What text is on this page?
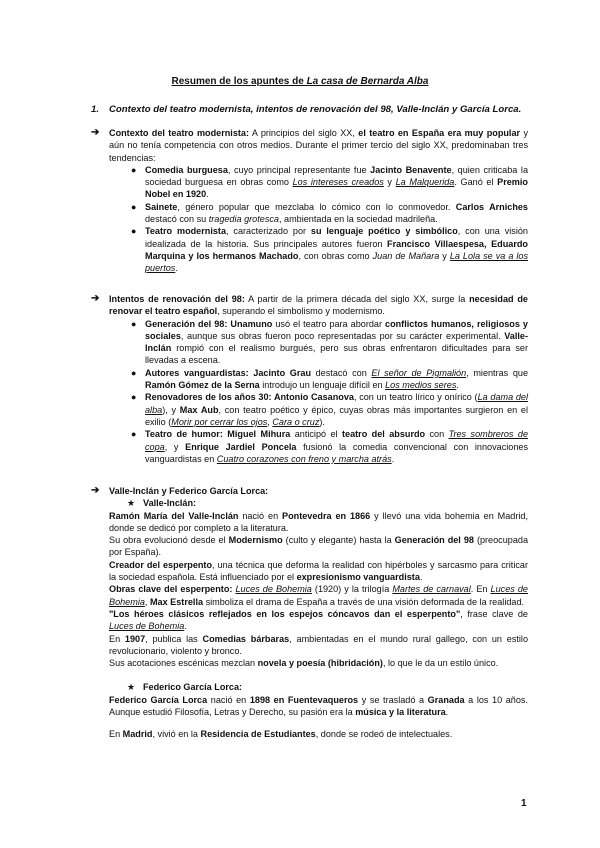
Resumen de los apuntes de La casa de Bernarda Alba
1. Contexto del teatro modernista, intentos de renovación del 98, Valle-Inclán y García Lorca.
➔ Contexto del teatro modernista: A principios del siglo XX, el teatro en España era muy popular y aún no tenía competencia con otros medios. Durante el primer tercio del siglo XX, predominaban tres tendencias:

● Comedia burguesa, cuyo principal representante fue Jacinto Benavente, quien criticaba la sociedad burguesa en obras como Los intereses creados y La Malquerida. Ganó el Premio Nobel en 1920.
● Sainete, género popular que mezclaba lo cómico con lo conmovedor. Carlos Arniches destacó con su tragedia grotesca, ambientada en la sociedad madrileña.
● Teatro modernista, caracterizado por su lenguaje poético y simbólico, con una visión idealizada de la historia. Sus principales autores fueron Francisco Villaespesa, Eduardo Marquina y los hermanos Machado, con obras como Juan de Mañara y La Lola se va a los puertos.
➔ Intentos de renovación del 98: A partir de la primera década del siglo XX, surge la necesidad de renovar el teatro español, superando el simbolismo y modernismo.

● Generación del 98: Unamuno usó el teatro para abordar conflictos humanos, religiosos y sociales, aunque sus obras fueron poco representadas por su carácter experimental. Valle-Inclán rompió con el realismo burgués, pero sus obras enfrentaron dificultades para ser llevadas a escena.
● Autores vanguardistas: Jacinto Grau destacó con El señor de Pigmalión, mientras que Ramón Gómez de la Serna introdujo un lenguaje difícil en Los medios seres.
● Renovadores de los años 30: Antonio Casanova, con un teatro lírico y onírico (La dama del alba), y Max Aub, con teatro poético y épico, cuyas obras más importantes surgieron en el exilio (Morir por cerrar los ojos, Cara o cruz).
● Teatro de humor: Miguel Mihura anticipó el teatro del absurdo con Tres sombreros de copa, y Enrique Jardiel Poncela fusionó la comedia convencional con innovaciones vanguardistas en Cuatro corazones con freno y marcha atrás.
➔ Valle-Inclán y Federico García Lorca:

★ Valle-Inclán:

Ramón María del Valle-Inclán nació en Pontevedra en 1866 y llevó una vida bohemia en Madrid, donde se dedicó por completo a la literatura.

Su obra evolucionó desde el Modernismo (culto y elegante) hasta la Generación del 98 (preocupada por España).

Creador del esperpento, una técnica que deforma la realidad con hipérboles y sarcasmo para criticar la sociedad española. Está influenciado por el expresionismo vanguardista.

Obras clave del esperpento: Luces de Bohemia (1920) y la trilogía Martes de carnaval. En Luces de Bohemia, Max Estrella simboliza el drama de España a través de una visión deformada de la realidad.

"Los héroes clásicos reflejados en los espejos cóncavos dan el esperpento", frase clave de Luces de Bohemia.

En 1907, publica las Comedias bárbaras, ambientadas en el mundo rural gallego, con un estilo revolucionario, violento y bronco.

Sus acotaciones escénicas mezclan novela y poesía (hibridación), lo que le da un estilo único.

★ Federico García Lorca:

Federico García Lorca nació en 1898 en Fuentevaqueros y se trasladó a Granada a los 10 años. Aunque estudió Filosofía, Letras y Derecho, su pasión era la música y la literatura.

En Madrid, vivió en la Residencia de Estudiantes, donde se rodeó de intelectuales.

1
